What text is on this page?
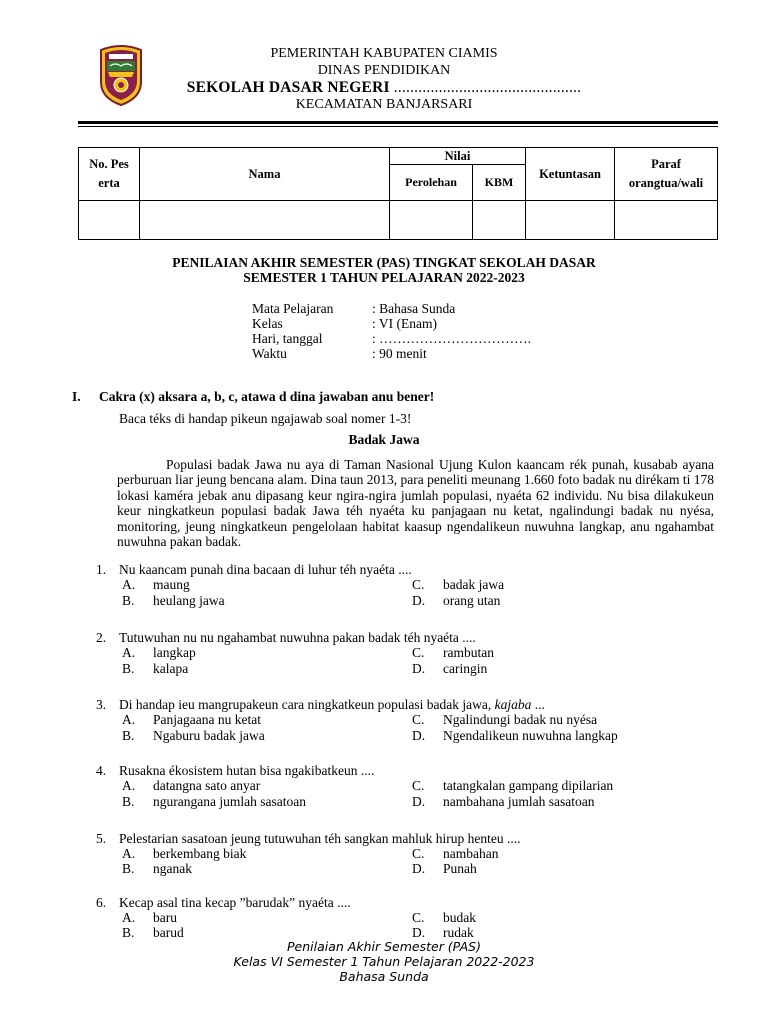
PEMERINTAH KABUPATEN CIAMIS
DINAS PENDIDIKAN
SEKOLAH DASAR NEGERI ..............................................
KECAMATAN BANJARSARI
No. Peserta	Nama	Nilai		Ketuntasan	Paraf orangtua/wali

		Perolehan	KBM		

PENILAIAN AKHIR SEMESTER (PAS) TINGKAT SEKOLAH DASAR
SEMESTER 1 TAHUN PELAJARAN 2022-2023
Mata Pelajaran	: Bahasa Sunda
Kelas	: VI (Enam)
Hari, tanggal	: …………………………….
Waktu	: 90 menit
I. Cakra (x) aksara a, b, c, atawa d dina jawaban anu bener!
Baca téks di handap pikeun ngajawab soal nomer 1-3!
Badak Jawa
Populasi badak Jawa nu aya di Taman Nasional Ujung Kulon kaancam rék punah, kusabab ayana perburuan liar jeung bencana alam. Dina taun 2013, para peneliti meunang 1.660 foto badak nu dirékam ti 178 lokasi kaméra jebak anu dipasang keur ngira-ngira jumlah populasi, nyaéta 62 individu. Nu bisa dilakukeun keur ningkatkeun populasi badak Jawa téh nyaéta ku panjagaan nu ketat, ngalindungi badak nu nyésa, monitoring, jeung ningkatkeun pengelolaan habitat kaasup ngendalikeun nuwuhna langkap, anu ngahambat nuwuhna pakan badak.
1. Nu kaancam punah dina bacaan di luhur téh nyaéta ....
A. maung
B. heulang jawa
C. badak jawa
D. orang utan
2. Tutuwuhan nu nu ngahambat nuwuhna pakan badak téh nyaéta ....
A. langkap
B. kalapa
C. rambutan
D. caringin
3. Di handap ieu mangrupakeun cara ningkatkeun populasi badak jawa, kajaba ...
A. Panjagaana nu ketat
B. Ngaburu badak jawa
C. Ngalindungi badak nu nyésa
D. Ngendalikeun nuwuhna langkap
4. Rusakna ékosistem hutan bisa ngakibatkeun ....
A. datangna sato anyar
B. ngurangana jumlah sasatoan
C. tatangkalan gampang dipilarian
D. nambahana jumlah sasatoan
5. Pelestarian sasatoan jeung tutuwuhan téh sangkan mahluk hirup henteu ....
A. berkembang biak
B. nganak
C. nambahan
D. Punah
6. Kecap asal tina kecap ”barudak” nyaéta ....
A. baru
B. barud
C. budak
D. rudak
Penilaian Akhir Semester (PAS)
Kelas VI Semester 1 Tahun Pelajaran 2022-2023
Bahasa Sunda
